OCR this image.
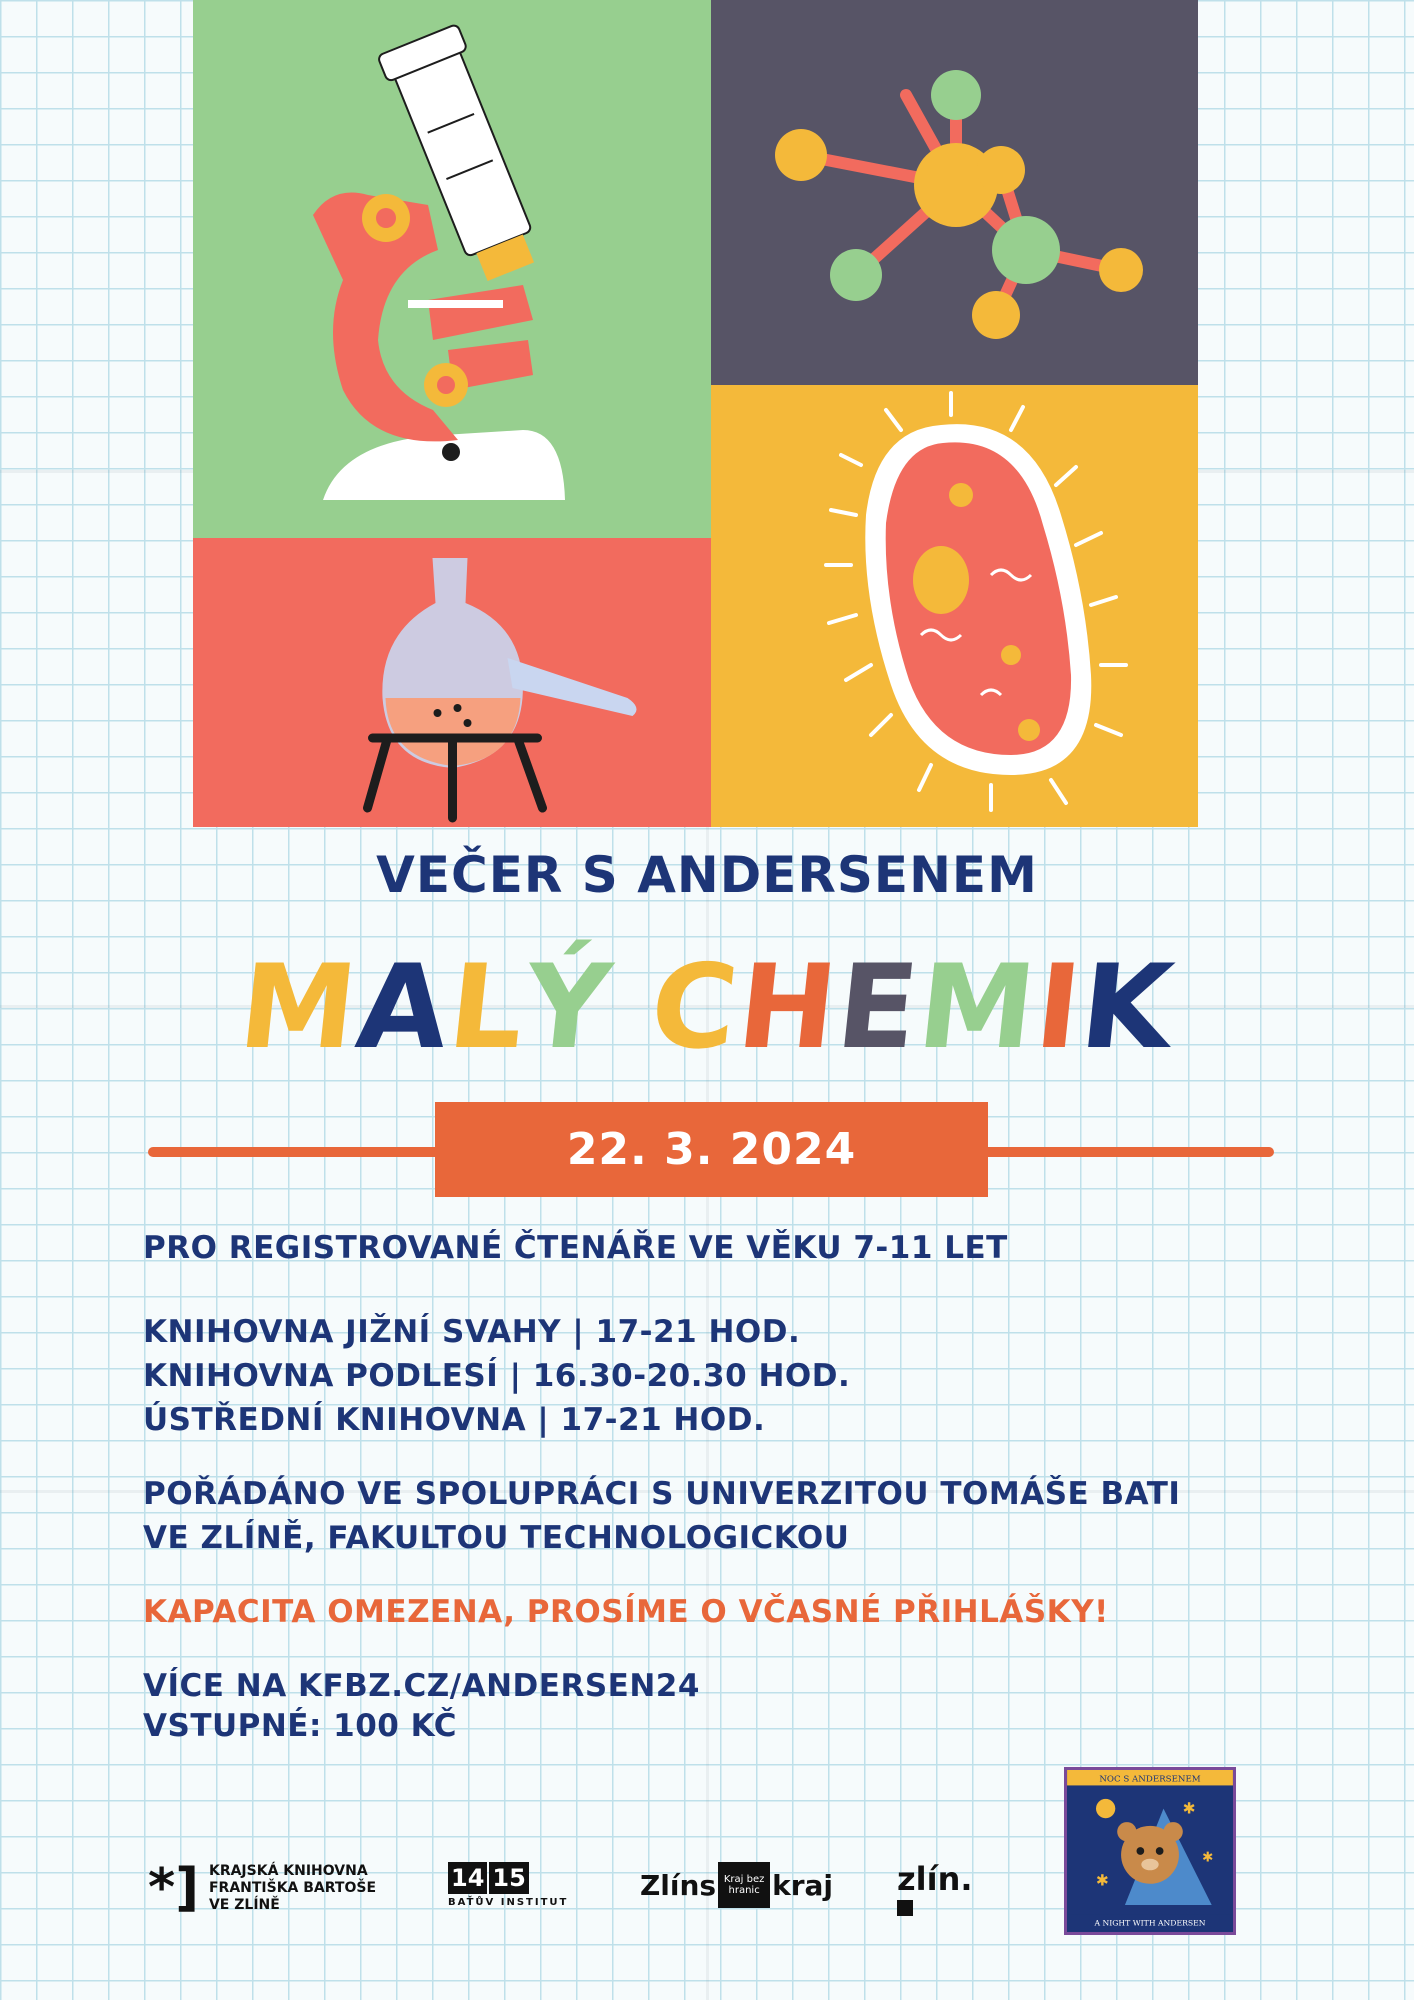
VEČER S ANDERSENEM
MALÝ CHEMIK
22. 3. 2024
PRO REGISTROVANÉ ČTENÁŘE VE VĚKU 7-11 LET
KNIHOVNA JIŽNÍ SVAHY | 17-21 HOD.
KNIHOVNA PODLESÍ | 16.30-20.30 HOD.
ÚSTŘEDNÍ KNIHOVNA | 17-21 HOD.
POŘÁDÁNO VE SPOLUPRÁCI S UNIVERZITOU TOMÁŠE BATI
VE ZLÍNĚ, FAKULTOU TECHNOLOGICKOU
KAPACITA OMEZENA, PROSÍME O VČASNÉ PŘIHLÁŠKY!
VÍCE NA KFBZ.CZ/ANDERSEN24
VSTUPNÉ: 100 KČ
*] KRAJSKÁ KNIHOVNA
FRANTIŠKA BARTOŠE
VE ZLÍNĚ
14 15
BAŤŮV INSTITUT
Zlíns Kraj bez hranic kraj zlín.
NOC S ANDERSENEM
A NIGHT WITH ANDERSEN
✱
✱
✱
